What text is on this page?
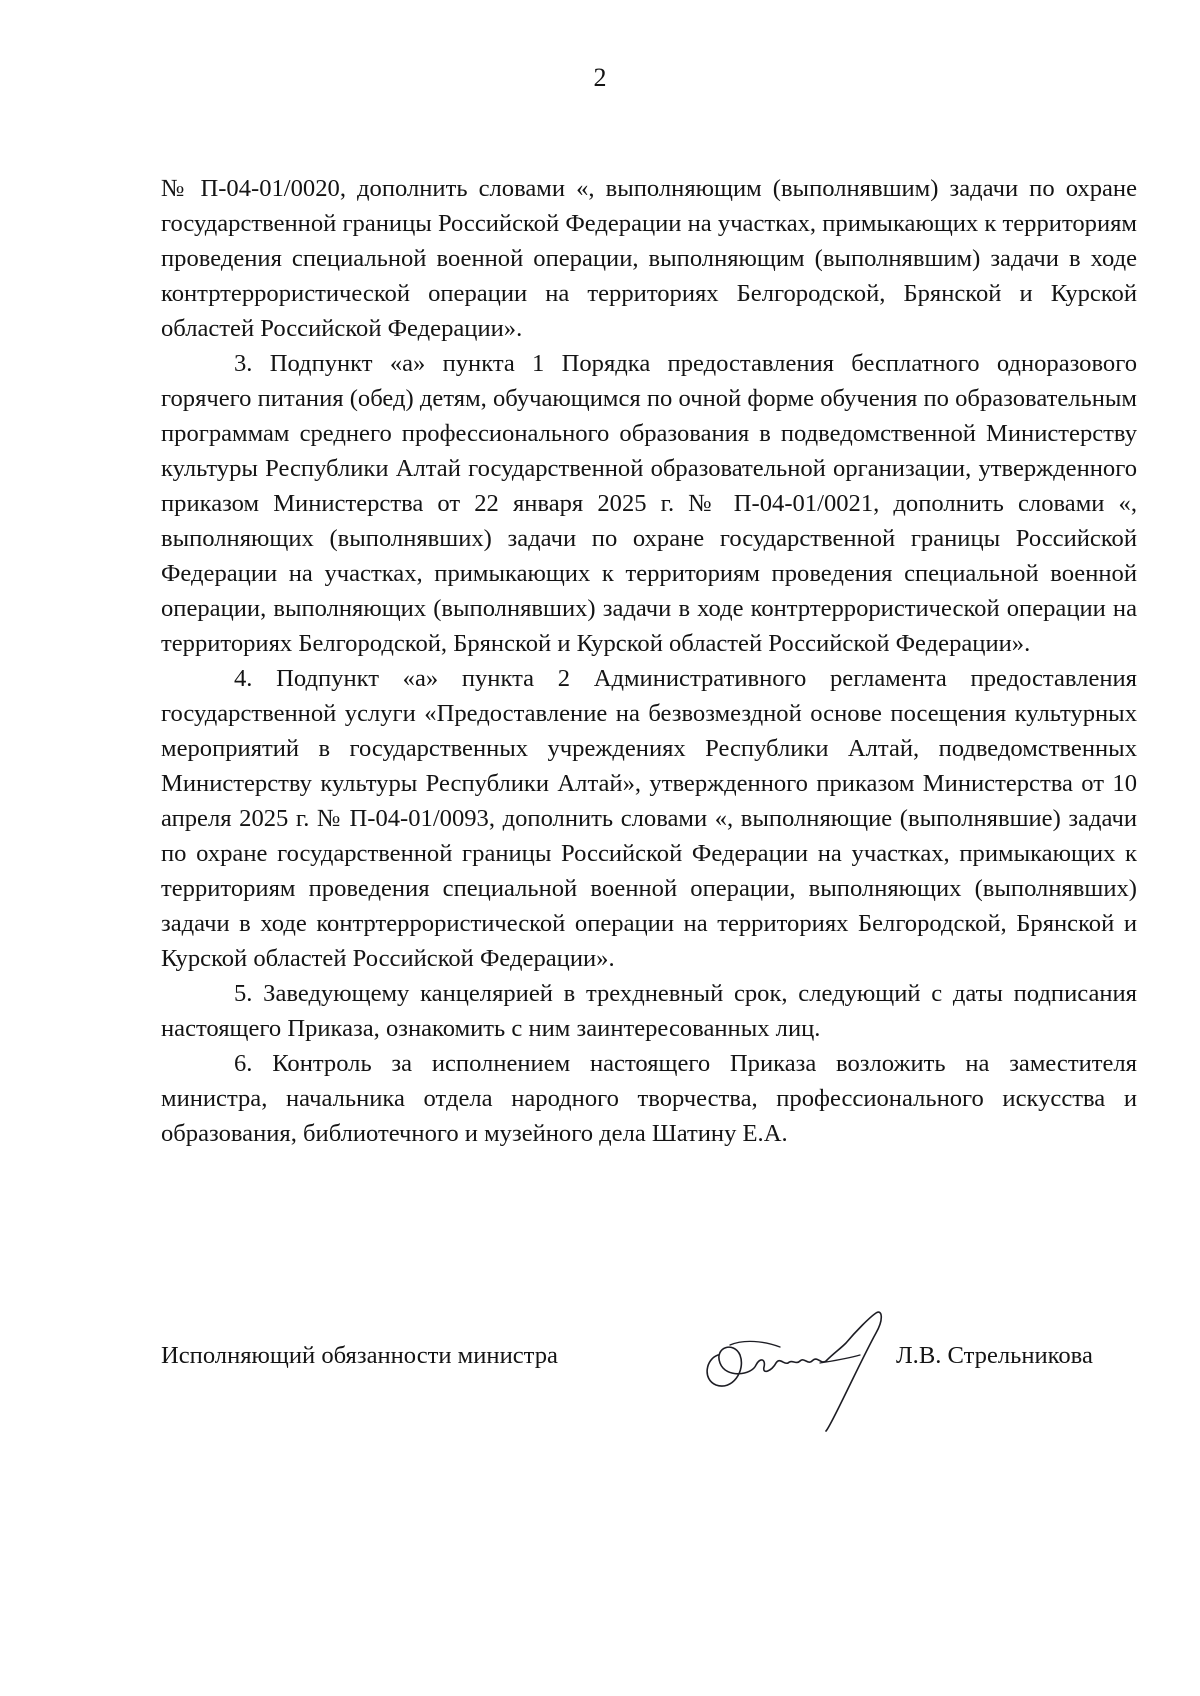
2

№ П-04-01/0020, дополнить словами «, выполняющим (выполнявшим) задачи по охране государственной границы Российской Федерации на участках, примыкающих к территориям проведения специальной военной операции, выполняющим (выполнявшим) задачи в ходе контртеррористической операции на территориях Белгородской, Брянской и Курской областей Российской Федерации».

3. Подпункт «а» пункта 1 Порядка предоставления бесплатного одноразового горячего питания (обед) детям, обучающимся по очной форме обучения по образовательным программам среднего профессионального образования в подведомственной Министерству культуры Республики Алтай государственной образовательной организации, утвержденного приказом Министерства от 22 января 2025 г. № П-04-01/0021, дополнить словами «, выполняющих (выполнявших) задачи по охране государственной границы Российской Федерации на участках, примыкающих к территориям проведения специальной военной операции, выполняющих (выполнявших) задачи в ходе контртеррористической операции на территориях Белгородской, Брянской и Курской областей Российской Федерации».

4. Подпункт «а» пункта 2 Административного регламента предоставления государственной услуги «Предоставление на безвозмездной основе посещения культурных мероприятий в государственных учреждениях Республики Алтай, подведомственных Министерству культуры Республики Алтай», утвержденного приказом Министерства от 10 апреля 2025 г. № П-04-01/0093, дополнить словами «, выполняющие (выполнявшие) задачи по охране государственной границы Российской Федерации на участках, примыкающих к территориям проведения специальной военной операции, выполняющих (выполнявших) задачи в ходе контртеррористической операции на территориях Белгородской, Брянской и Курской областей Российской Федерации».

5. Заведующему канцелярией в трехдневный срок, следующий с даты подписания настоящего Приказа, ознакомить с ним заинтересованных лиц.

6. Контроль за исполнением настоящего Приказа возложить на заместителя министра, начальника отдела народного творчества, профессионального искусства и образования, библиотечного и музейного дела Шатину Е.А.

Исполняющий обязанности министра	Л.В. Стрельникова
